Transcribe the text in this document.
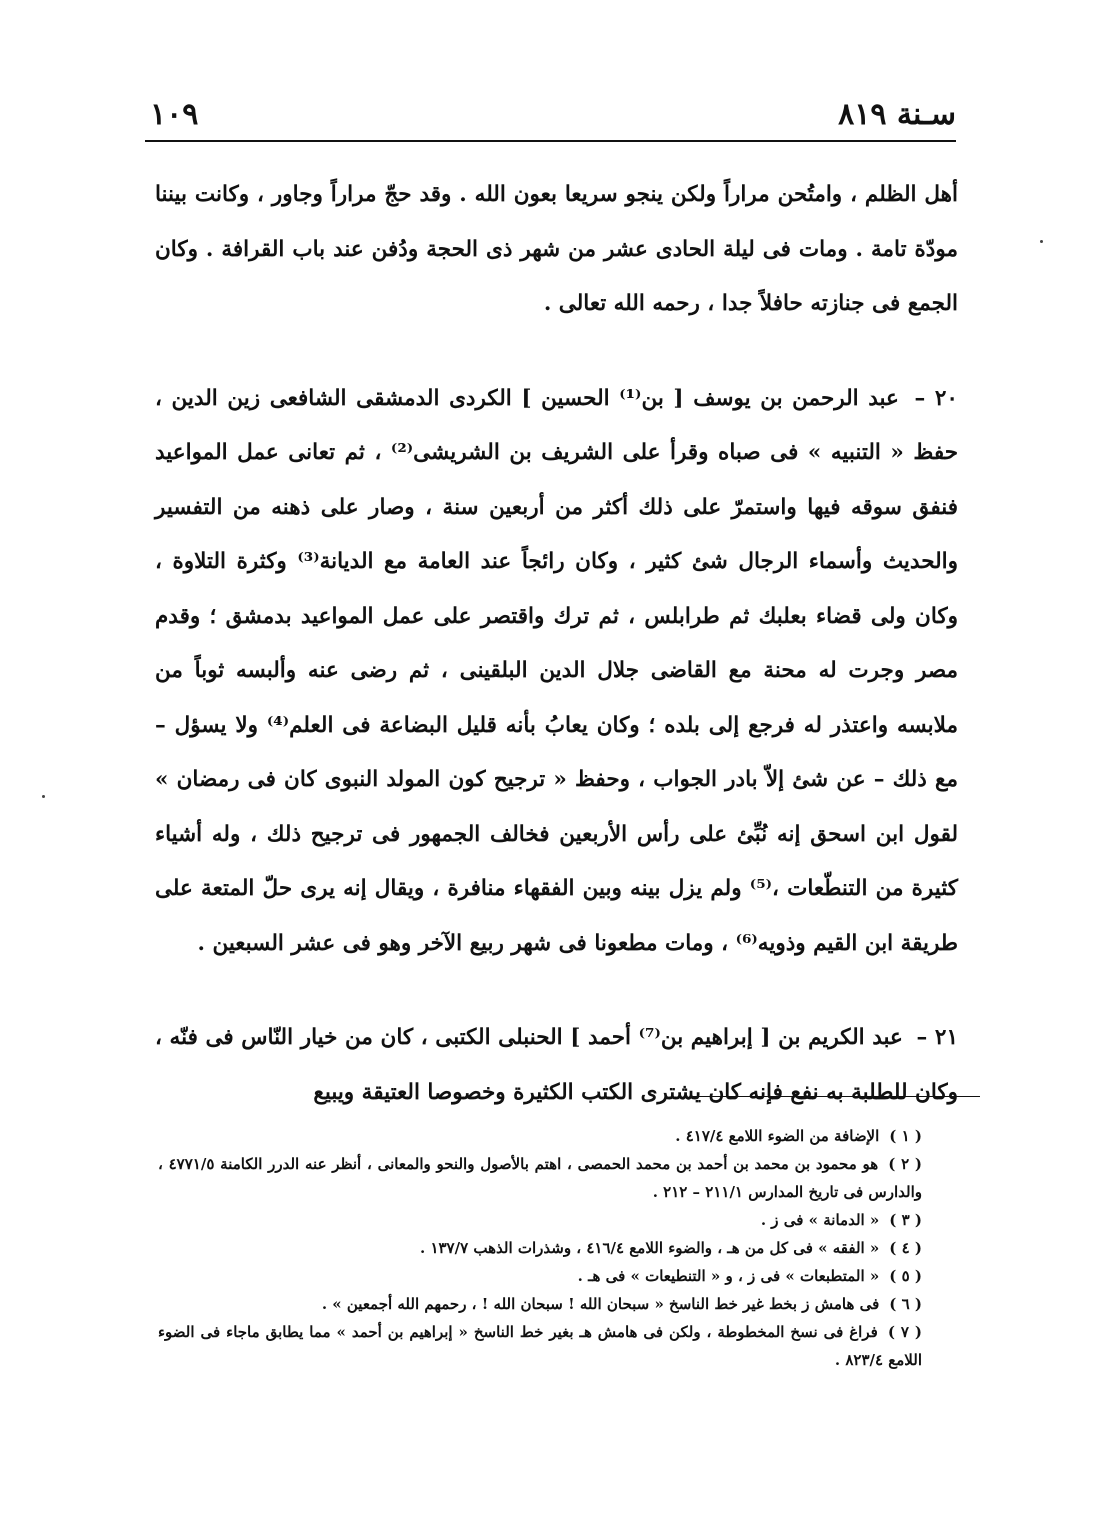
سـنة ٨١٩
١٠٩

أهل الظلم ، وامتُحن مراراً ولكن ينجو سريعا بعون الله . وقد حجّ مراراً وجاور ، وكانت بيننا مودّة تامة . ومات فى ليلة الحادى عشر من شهر ذى الحجة ودُفن عند باب القرافة . وكان الجمع فى جنازته حافلاً جدا ، رحمه الله تعالى .

٢٠ – عبد الرحمن بن يوسف [ بن⁽¹⁾ الحسين ] الكردى الدمشقى الشافعى زين الدين ، حفظ « التنبيه » فى صباه وقرأ على الشريف بن الشريشى⁽²⁾ ، ثم تعانى عمل المواعيد فنفق سوقه فيها واستمرّ على ذلك أكثر من أربعين سنة ، وصار على ذهنه من التفسير والحديث وأسماء الرجال شئ كثير ، وكان رائجاً عند العامة مع الديانة⁽³⁾ وكثرة التلاوة ، وكان ولى قضاء بعلبك ثم طرابلس ، ثم ترك واقتصر على عمل المواعيد بدمشق ؛ وقدم مصر وجرت له محنة مع القاضى جلال الدين البلقينى ، ثم رضى عنه وألبسه ثوباً من ملابسه واعتذر له فرجع إلى بلده ؛ وكان يعابُ بأنه قليل البضاعة فى العلم⁽⁴⁾ ولا يسؤل – مع ذلك – عن شئ إلاّ بادر الجواب ، وحفظ « ترجيح كون المولد النبوى كان فى رمضان » لقول ابن اسحق إنه نُبِّئ على رأس الأربعين فخالف الجمهور فى ترجيح ذلك ، وله أشياء كثيرة من التنطّعات ،⁽⁵⁾ ولم يزل بينه وبين الفقهاء منافرة ، ويقال إنه يرى حلّ المتعة على طريقة ابن القيم وذويه⁽⁶⁾ ، ومات مطعونا فى شهر ربيع الآخر وهو فى عشر السبعين .

٢١ – عبد الكريم بن [ إبراهيم بن⁽⁷⁾ أحمد ] الحنبلى الكتبى ، كان من خيار النّاس فى فنّه ، وكان للطلبة به نفع فإنه كان يشترى الكتب الكثيرة وخصوصا العتيقة ويبيع

( ١ )الإضافة من الضوء اللامع ٤١٧/٤ .

( ٢ )هو محمود بن محمد بن أحمد بن محمد الحمصى ، اهتم بالأصول والنحو والمعانى ، أنظر عنه الدرر الكامنة ٤٧٧١/٥ ، والدارس فى تاريخ المدارس ٢١١/١ – ٢١٢ .

( ٣ )« الدمانة » فى ز .

( ٤ )« الفقه » فى كل من هـ ، والضوء اللامع ٤١٦/٤ ، وشذرات الذهب ١٣٧/٧ .

( ٥ )« المتطبعات » فى ز ، و « التنطيعات » فى هـ .

( ٦ )فى هامش ز بخط غير خط الناسخ « سبحان الله ! سبحان الله ! ، رحمهم الله أجمعين » .

( ٧ )فراغ فى نسخ المخطوطة ، ولكن فى هامش هـ بغير خط الناسخ « إبراهيم بن أحمد » مما يطابق ماجاء فى الضوء اللامع ٨٢٣/٤ .
